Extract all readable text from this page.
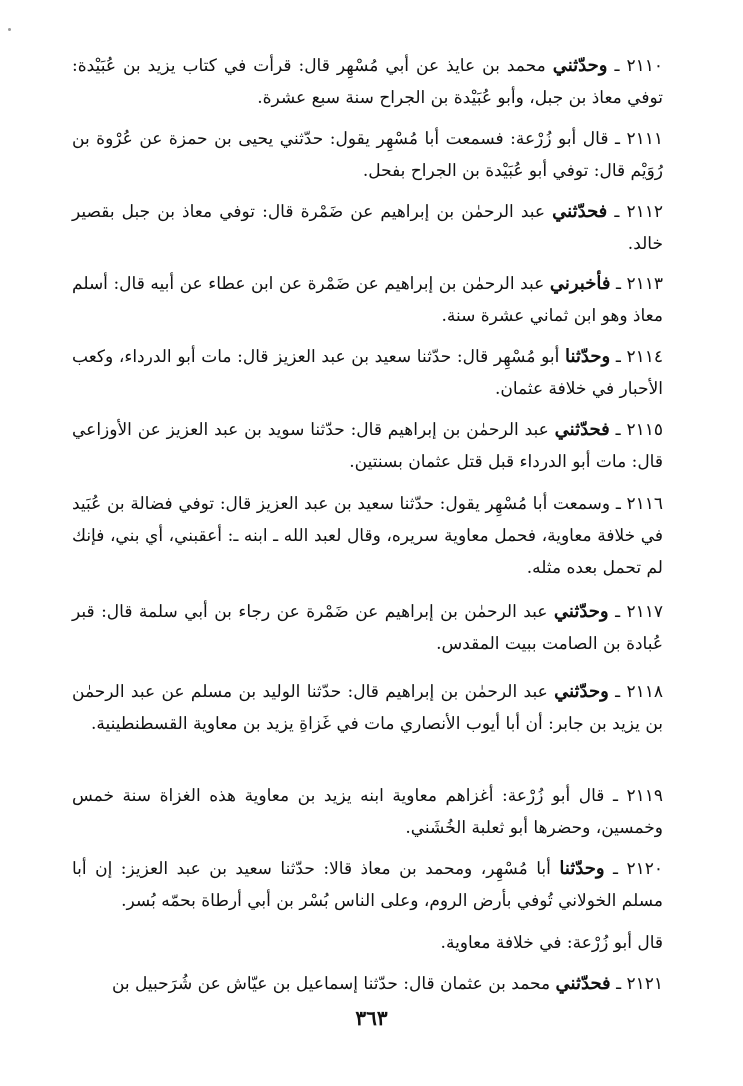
٢١١٠ ـ وحدّثني محمد بن عايذ عن أبي مُسْهِر قال: قرأت في كتاب يزيد بن عُبَيْدة: توفي معاذ بن جبل، وأبو عُبَيْدة بن الجراح سنة سبع عشرة.
٢١١١ ـ قال أبو زُرْعة: فسمعت أبا مُسْهِر يقول: حدّثني يحيى بن حمزة عن عُرْوة بن رُوَيْم قال: توفي أبو عُبَيْدة بن الجراح بفحل.
٢١١٢ ـ فحدّثني عبد الرحمٰن بن إبراهيم عن ضَمْرة قال: توفي معاذ بن جبل بقصير خالد.
٢١١٣ ـ فأخبرني عبد الرحمٰن بن إبراهيم عن ضَمْرة عن ابن عطاء عن أبيه قال: أسلم معاذ وهو ابن ثماني عشرة سنة.
٢١١٤ ـ وحدّثنا أبو مُسْهِر قال: حدّثنا سعيد بن عبد العزيز قال: مات أبو الدرداء، وكعب الأحبار في خلافة عثمان.
٢١١٥ ـ فحدّثني عبد الرحمٰن بن إبراهيم قال: حدّثنا سويد بن عبد العزيز عن الأوزاعي قال: مات أبو الدرداء قبل قتل عثمان بسنتين.
٢١١٦ ـ وسمعت أبا مُسْهِر يقول: حدّثنا سعيد بن عبد العزيز قال: توفي فضالة بن عُبَيد في خلافة معاوية، فحمل معاوية سريره، وقال لعبد الله ـ ابنه ـ: أعقبني، أي بني، فإنك لم تحمل بعده مثله.
٢١١٧ ـ وحدّثني عبد الرحمٰن بن إبراهيم عن ضَمْرة عن رجاء بن أبي سلمة قال: قبر عُبادة بن الصامت ببيت المقدس.
٢١١٨ ـ وحدّثني عبد الرحمٰن بن إبراهيم قال: حدّثنا الوليد بن مسلم عن عبد الرحمٰن بن يزيد بن جابر: أن أبا أيوب الأنصاري مات في غَزاةِ يزيد بن معاوية القسطنطينية.
٢١١٩ ـ قال أبو زُرْعة: أغزاهم معاوية ابنه يزيد بن معاوية هذه الغزاة سنة خمس وخمسين، وحضرها أبو ثعلبة الخُشَني.
٢١٢٠ ـ وحدّثنا أبا مُسْهِر، ومحمد بن معاذ قالا: حدّثنا سعيد بن عبد العزيز: إن أبا مسلم الخولاني تُوفي بأرض الروم، وعلى الناس بُسْر بن أبي أرطاة بحمّه بُسر.
قال أبو زُرْعة: في خلافة معاوية.
٢١٢١ ـ فحدّثني محمد بن عثمان قال: حدّثنا إسماعيل بن عيّاش عن شُرَحبيل بن
٣٦٣
